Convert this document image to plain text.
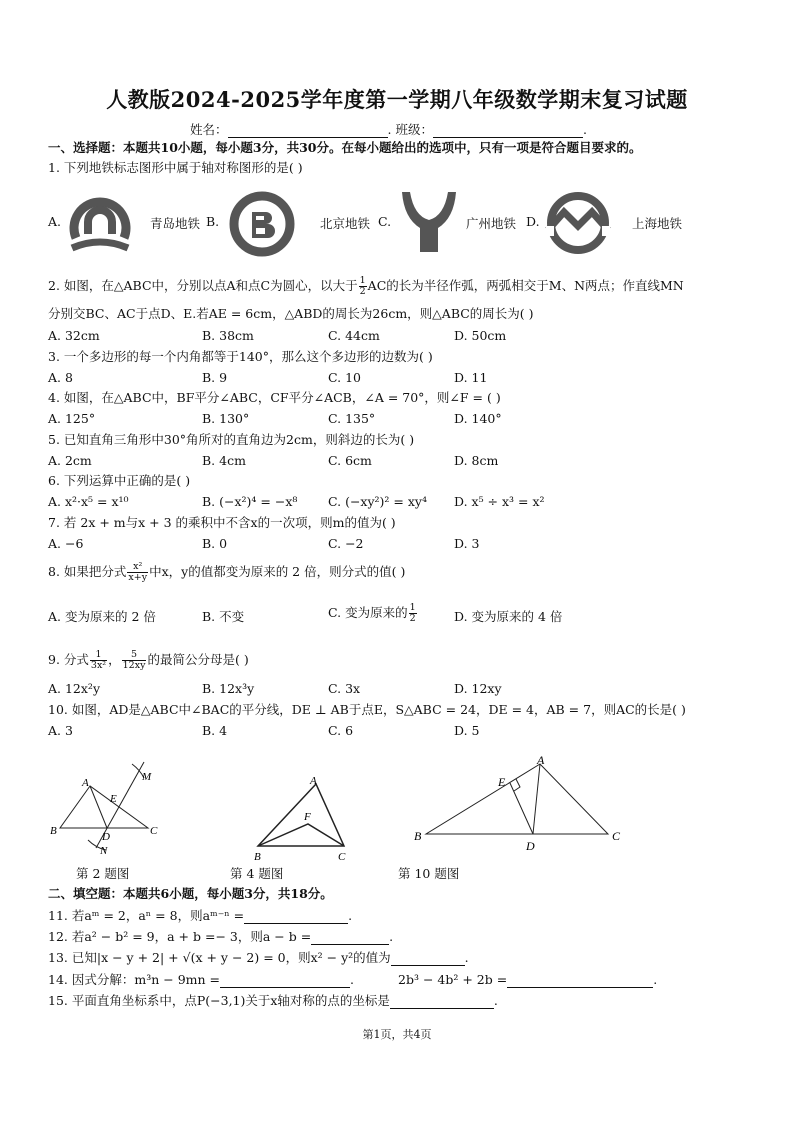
人教版2024-2025学年度第一学期八年级数学期末复习试题
姓名：	. 班级：	.
一、选择题：本题共10小题，每小题3分，共30分。在每小题给出的选项中，只有一项是符合题目要求的。
1. 下列地铁标志图形中属于轴对称图形的是( )
A.	青岛地铁 B.	北京地铁 C.	广州地铁 D.	上海地铁
2. 如图，在△ABC中，分别以点A和点C为圆心，以大于 $\frac{1}{2}$ AC的长为半径作弧，两弧相交于M、N两点；作直线MN
分别交BC、AC于点D、E.若AE = 6cm，△ABD的周长为26cm，则△ABC的周长为( )
A. 32cm	B. 38cm	C. 44cm	D. 50cm
3. 一个多边形的每一个内角都等于140°，那么这个多边形的边数为( )
A. 8	B. 9	C. 10	D. 11
4. 如图，在△ABC中，BF平分∠ABC，CF平分∠ACB，∠A = 70°，则∠F = ( )
A. 125°	B. 130°	C. 135°	D. 140°
5. 已知直角三角形中30°角所对的直角边为2cm，则斜边的长为( )
A. 2cm	B. 4cm	C. 6cm	D. 8cm
6. 下列运算中正确的是( )
A. x²·x⁵ = x¹⁰	B. (−x²)⁴ = −x⁸ C. (−xy²)² = xy⁴ D. x⁵ ÷ x³ = x²
7. 若 2x + m与x + 3 的乘积中不含x的一次项，则m的值为( )
A. −6	B. 0	C. −2	D. 3
8. 如果把分式 $\frac{\text{x²}}{x+y}$ 中x，y的值都变为原来的 2 倍，则分式的值( )
A. 变为原来的 2 倍	B. 不变	C. 变为原来的 $\frac{1}{2}$	D. 变为原来的 4 倍
9. 分式 $\frac{1}{\text{3x²}}$ ， $\frac{5}{12xy}$ 的最简公分母是( )
A. 12x²y	B. 12x³y	C. 3x	D. 12xy
10. 如图，AD是△ABC中∠BAC的平分线，DE ⊥ AB于点E，S△ABC = 24，DE = 4，AB = 7，则AC的长是( )
A. 3	B. 4	C. 6	D. 5
A
B	C
D
E
M
N
第 2 题图
A
B	C
F
第 4 题图
A
B	C
D
E
第 10 题图
二、填空题：本题共6小题，每小题3分，共18分。
11. 若aᵐ = 2，aⁿ = 8，则aᵐ⁻ⁿ =	.
12. 若a² − b² = 9，a + b =− 3，则a − b =	.
13. 已知|x − y + 2| + √(x + y − 2) = 0，则x² − y²的值为	.
14. 因式分解：m³n − 9mn =	.	2b³ − 4b² + 2b =	.
15. 平面直角坐标系中，点P(−3,1)关于x轴对称的点的坐标是	.
第1页，共4页
